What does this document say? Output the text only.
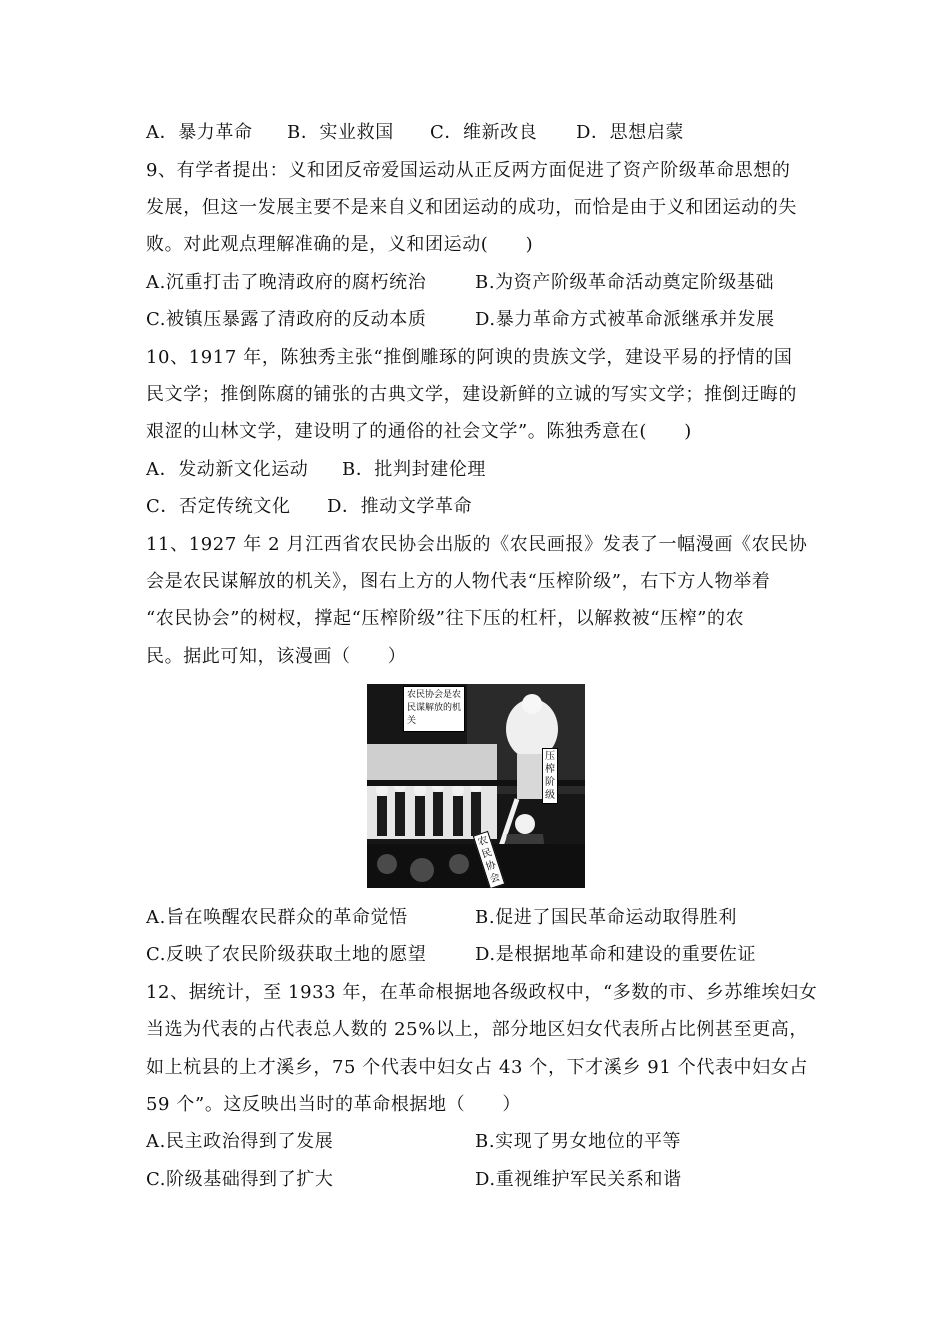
A．暴力革命 B．实业救国 C．维新改良 D．思想启蒙
9、有学者提出：义和团反帝爱国运动从正反两方面促进了资产阶级革命思想的
发展，但这一发展主要不是来自义和团运动的成功，而恰是由于义和团运动的失
败。对此观点理解准确的是，义和团运动(　　)
A.沉重打击了晚清政府的腐朽统治	B.为资产阶级革命活动奠定阶级基础
C.被镇压暴露了清政府的反动本质	D.暴力革命方式被革命派继承并发展
10、1917 年，陈独秀主张“推倒雕琢的阿谀的贵族文学，建设平易的抒情的国
民文学；推倒陈腐的铺张的古典文学，建设新鲜的立诚的写实文学；推倒迂晦的
艰涩的山林文学，建设明了的通俗的社会文学”。陈独秀意在(　　)
A．发动新文化运动 B．批判封建伦理
C．否定传统文化 D．推动文学革命
11、1927 年 2 月江西省农民协会出版的《农民画报》发表了一幅漫画《农民协
会是农民谋解放的机关》，图右上方的人物代表“压榨阶级”，右下方人物举着
“农民协会”的树杈，撑起“压榨阶级”往下压的杠杆，以解救被“压榨”的农
民。据此可知，该漫画（　　）
农民协会是农民谋解放的机关
压榨阶级
农民协会
A.旨在唤醒农民群众的革命觉悟	B.促进了国民革命运动取得胜利
C.反映了农民阶级获取土地的愿望	D.是根据地革命和建设的重要佐证
12、据统计，至 1933 年，在革命根据地各级政权中，“多数的市、乡苏维埃妇女
当选为代表的占代表总人数的 25%以上，部分地区妇女代表所占比例甚至更高，
如上杭县的上才溪乡，75 个代表中妇女占 43 个，下才溪乡 91 个代表中妇女占
59 个”。这反映出当时的革命根据地（　　）
A.民主政治得到了发展	B.实现了男女地位的平等
C.阶级基础得到了扩大	D.重视维护军民关系和谐
